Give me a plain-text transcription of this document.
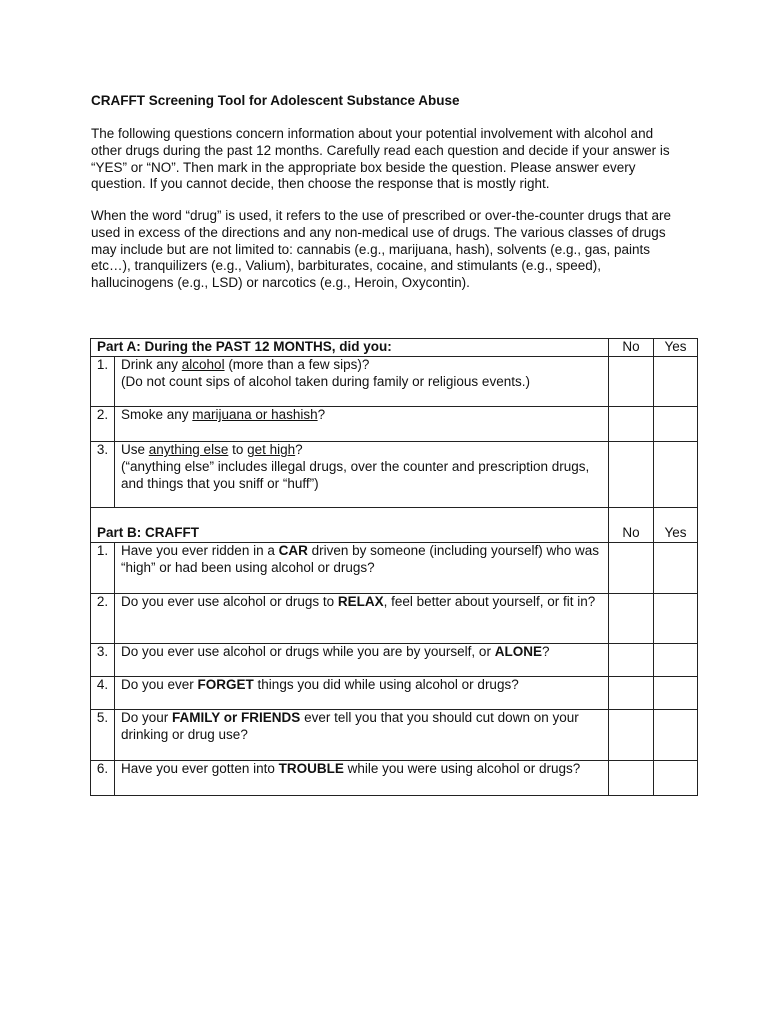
CRAFFT Screening Tool for Adolescent Substance Abuse

The following questions concern information about your potential involvement with alcohol and other drugs during the past 12 months. Carefully read each question and decide if your answer is “YES” or “NO”. Then mark in the appropriate box beside the question. Please answer every question. If you cannot decide, then choose the response that is mostly right.

When the word “drug” is used, it refers to the use of prescribed or over-the-counter drugs that are used in excess of the directions and any non-medical use of drugs. The various classes of drugs may include but are not limited to: cannabis (e.g., marijuana, hash), solvents (e.g., gas, paints etc…), tranquilizers (e.g., Valium), barbiturates, cocaine, and stimulants (e.g., speed), hallucinogens (e.g., LSD) or narcotics (e.g., Heroin, Oxycontin).

Part A: During the PAST 12 MONTHS, did you:		No	Yes
1.	Drink any alcohol (more than a few sips)?
(Do not count sips of alcohol taken during family or religious events.)		
2.	Smoke any marijuana or hashish?		
3.	Use anything else to get high?
(“anything else” includes illegal drugs, over the counter and prescription drugs, and things that you sniff or “huff”)		
Part B: CRAFFT		No	Yes
1.	Have you ever ridden in a CAR driven by someone (including yourself) who was “high” or had been using alcohol or drugs?		
2.	Do you ever use alcohol or drugs to RELAX, feel better about yourself, or fit in?		
3.	Do you ever use alcohol or drugs while you are by yourself, or ALONE?		
4.	Do you ever FORGET things you did while using alcohol or drugs?		
5.	Do your FAMILY or FRIENDS ever tell you that you should cut down on your drinking or drug use?		
6.	Have you ever gotten into TROUBLE while you were using alcohol or drugs?		
